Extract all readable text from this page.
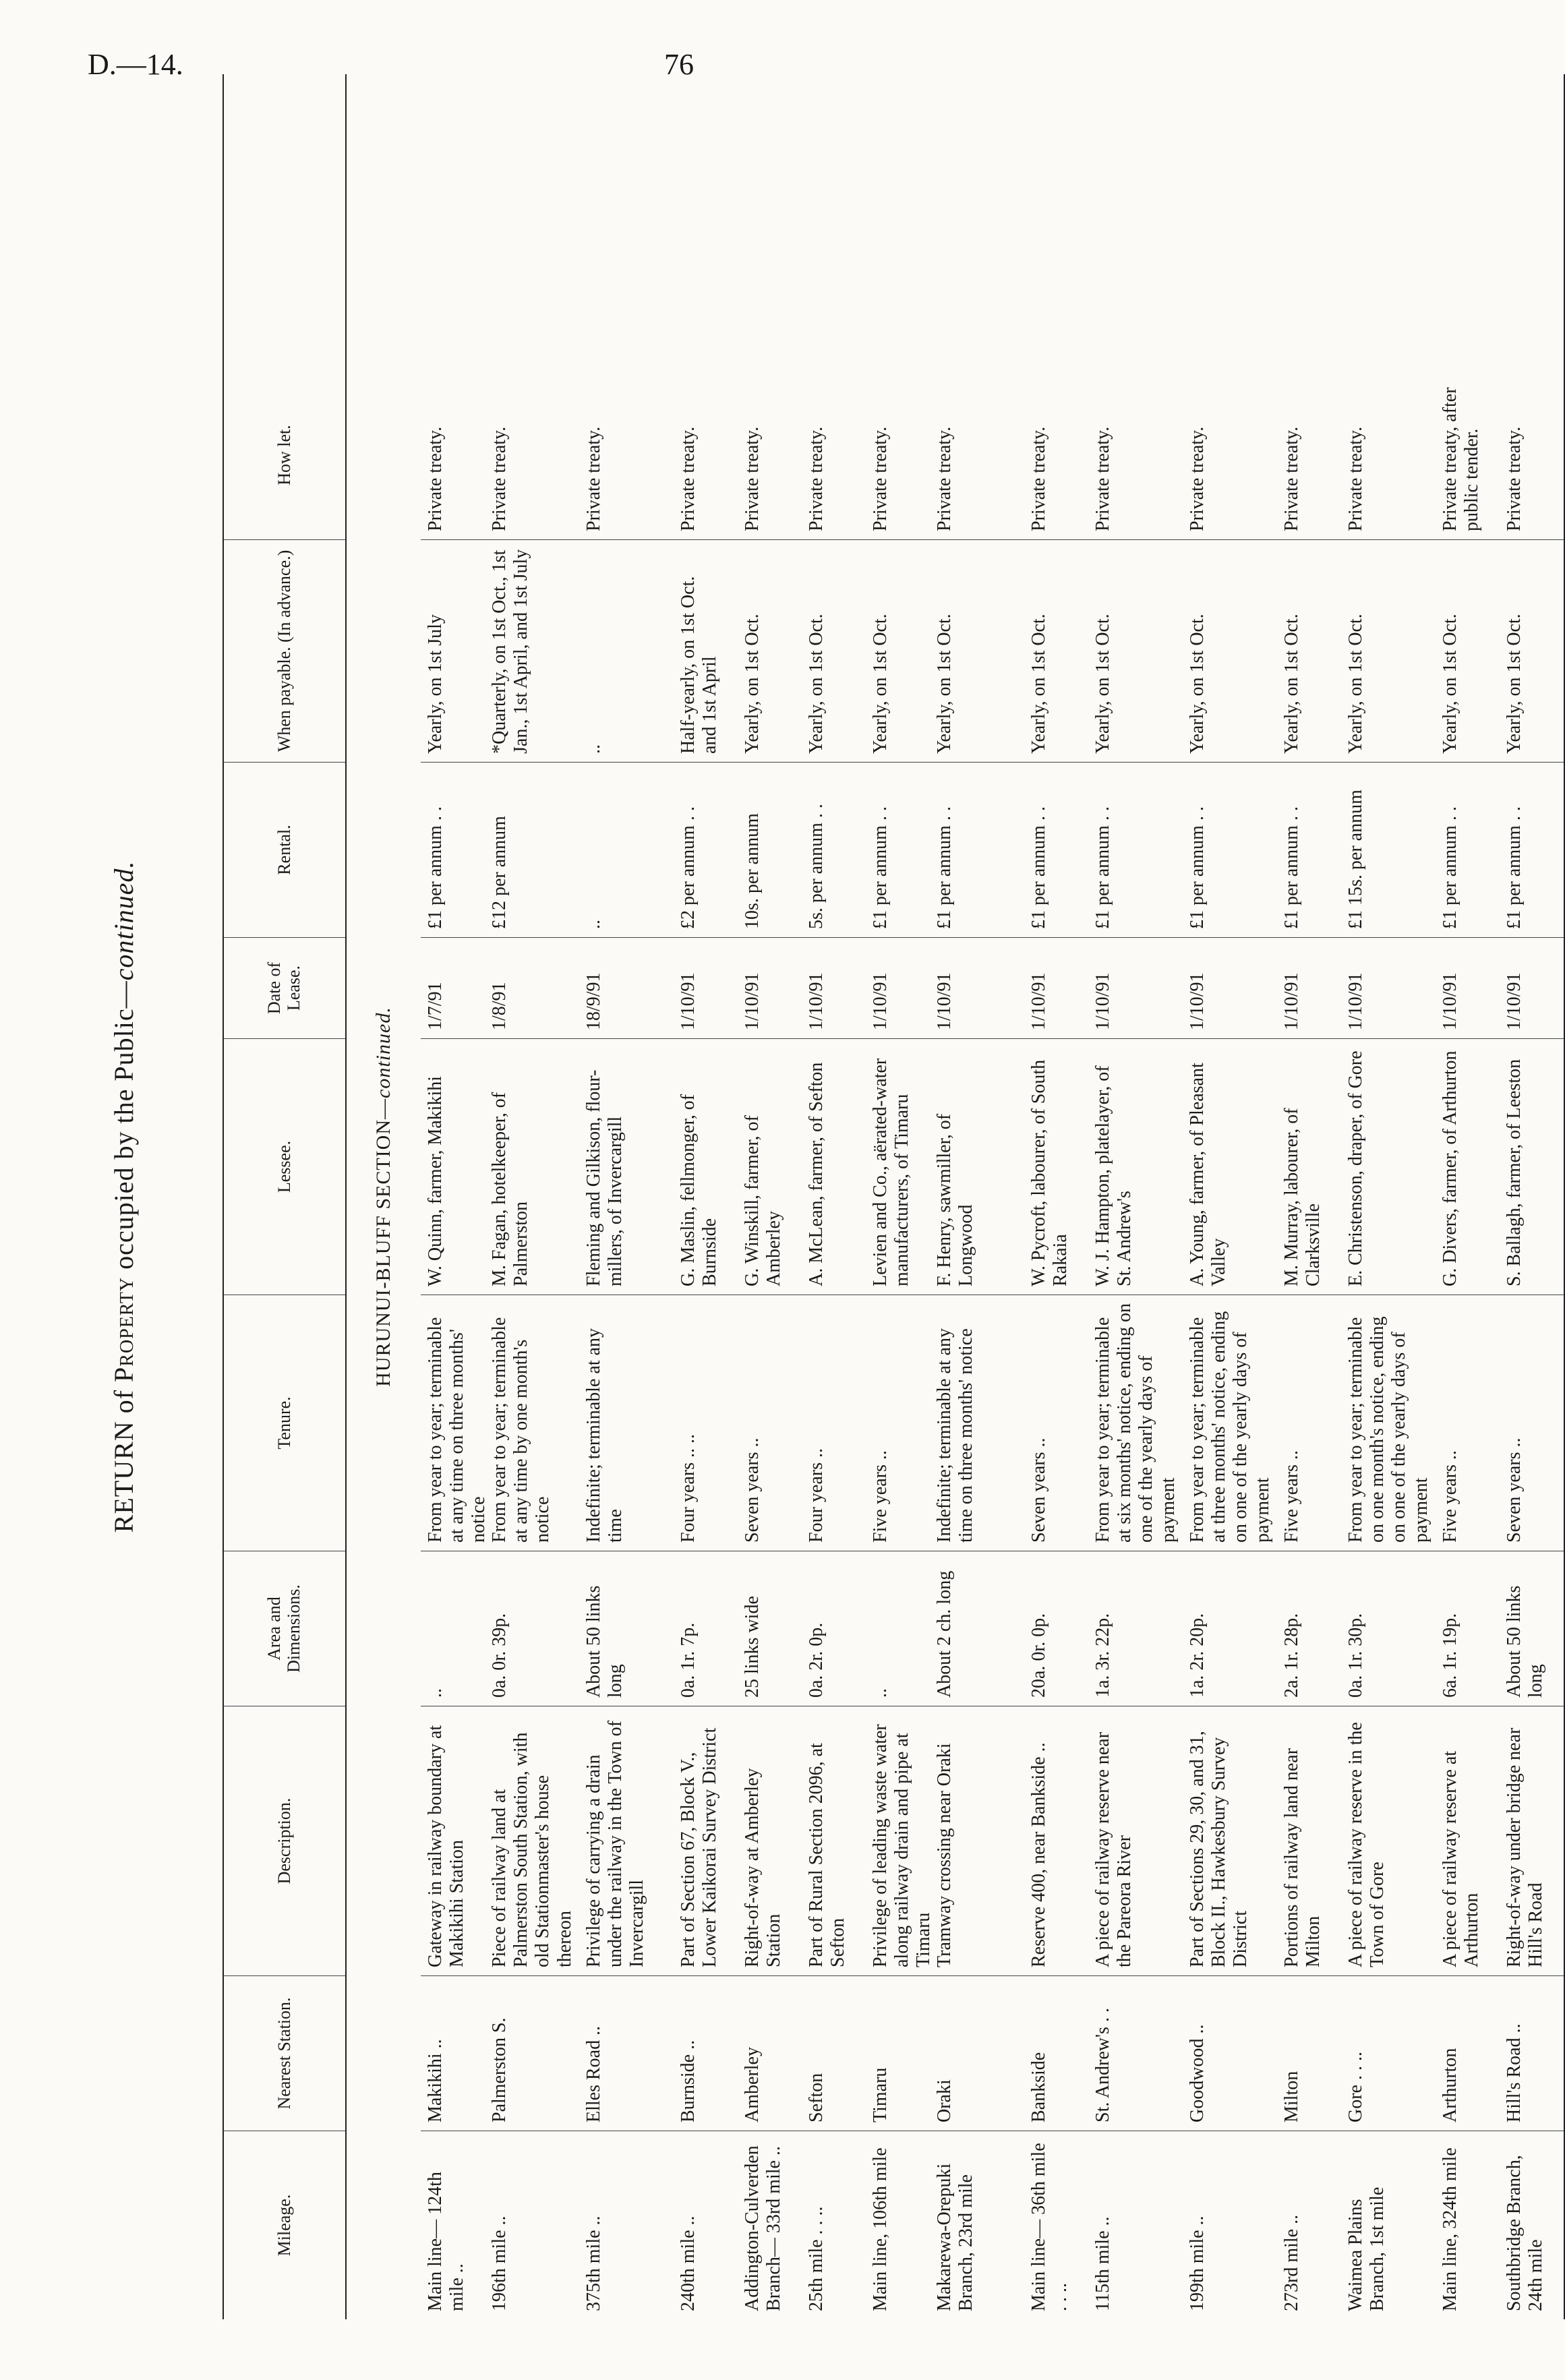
D.—14.	76
RETURN of Property occupied by the Public—continued.
Mileage.
Nearest Station.
Description.
Area and Dimensions.
Tenure.
Lessee.
Date of Lease.
Rental.
When payable. (In advance.)
How let.
HURUNUI-BLUFF SECTION—continued.
Main line— 124th mile ..
Makikihi ..
Gateway in railway boundary at Makikihi Station
..
From year to year; terminable at any time on three months' notice
W. Quinn, farmer, Makikihi
1/7/91
£1 per annum . .
Yearly, on 1st July
Private treaty.
196th mile ..
Palmerston S.
Piece of railway land at Palmerston South Station, with old Stationmaster's house thereon
0a. 0r. 39p.
From year to year; terminable at any time by one month's notice
M. Fagan, hotelkeeper, of Palmerston
1/8/91
£12 per annum
*Quarterly, on 1st Oct., 1st Jan., 1st April, and 1st July
Private treaty.
375th mile ..
Elles Road ..
Privilege of carrying a drain under the railway in the Town of Invercargill
About 50 links long
Indefinite; terminable at any time
Fleming and Gilkison, flour-millers, of Invercargill
18/9/91
..
..
Private treaty.
240th mile ..
Burnside ..
Part of Section 67, Block V., Lower Kaikorai Survey District
0a. 1r. 7p.
Four years .. ..
G. Maslin, fellmonger, of Burnside
1/10/91
£2 per annum . .
Half-yearly, on 1st Oct. and 1st April
Private treaty.
Addington-Culverden Branch— 33rd mile ..
Amberley
Right-of-way at Amberley Station
25 links wide
Seven years ..
G. Winskill, farmer, of Amberley
1/10/91
10s. per annum
Yearly, on 1st Oct.
Private treaty.
25th mile . . ..
Sefton
Part of Rural Section 2096, at Sefton
0a. 2r. 0p.
Four years ..
A. McLean, farmer, of Sefton
1/10/91
5s. per annum . .
Yearly, on 1st Oct.
Private treaty.
Main line, 106th mile
Timaru
Privilege of leading waste water along railway drain and pipe at Timaru
..
Five years ..
Levien and Co., aërated-water manufacturers, of Timaru
1/10/91
£1 per annum . .
Yearly, on 1st Oct.
Private treaty.
Makarewa-Orepuki Branch, 23rd mile
Oraki
Tramway crossing near Oraki
About 2 ch. long
Indefinite; terminable at any time on three months' notice
F. Henry, sawmiller, of Longwood
1/10/91
£1 per annum . .
Yearly, on 1st Oct.
Private treaty.
Main line— 36th mile . . ..
Bankside
Reserve 400, near Bankside ..
20a. 0r. 0p.
Seven years ..
W. Pycroft, labourer, of South Rakaia
1/10/91
£1 per annum . .
Yearly, on 1st Oct.
Private treaty.
115th mile ..
St. Andrew's . .
A piece of railway reserve near the Pareora River
1a. 3r. 22p.
From year to year; terminable at six months' notice, ending on one of the yearly days of payment
W. J. Hampton, platelayer, of St. Andrew's
1/10/91
£1 per annum . .
Yearly, on 1st Oct.
Private treaty.
199th mile ..
Goodwood ..
Part of Sections 29, 30, and 31, Block II., Hawkesbury Survey District
1a. 2r. 20p.
From year to year; terminable at three months' notice, ending on one of the yearly days of payment
A. Young, farmer, of Pleasant Valley
1/10/91
£1 per annum . .
Yearly, on 1st Oct.
Private treaty.
273rd mile ..
Milton
Portions of railway land near Milton
2a. 1r. 28p.
Five years ..
M. Murray, labourer, of Clarksville
1/10/91
£1 per annum . .
Yearly, on 1st Oct.
Private treaty.
Waimea Plains Branch, 1st mile
Gore . . ..
A piece of railway reserve in the Town of Gore
0a. 1r. 30p.
From year to year; terminable on one month's notice, ending on one of the yearly days of payment
E. Christenson, draper, of Gore
1/10/91
£1 15s. per annum
Yearly, on 1st Oct.
Private treaty.
Main line, 324th mile
Arthurton
A piece of railway reserve at Arthurton
6a. 1r. 19p.
Five years ..
G. Divers, farmer, of Arthurton
1/10/91
£1 per annum . .
Yearly, on 1st Oct.
Private treaty, after public tender.
Southbridge Branch, 24th mile
Hill's Road ..
Right-of-way under bridge near Hill's Road
About 50 links long
Seven years ..
S. Ballagh, farmer, of Leeston
1/10/91
£1 per annum . .
Yearly, on 1st Oct.
Private treaty.
